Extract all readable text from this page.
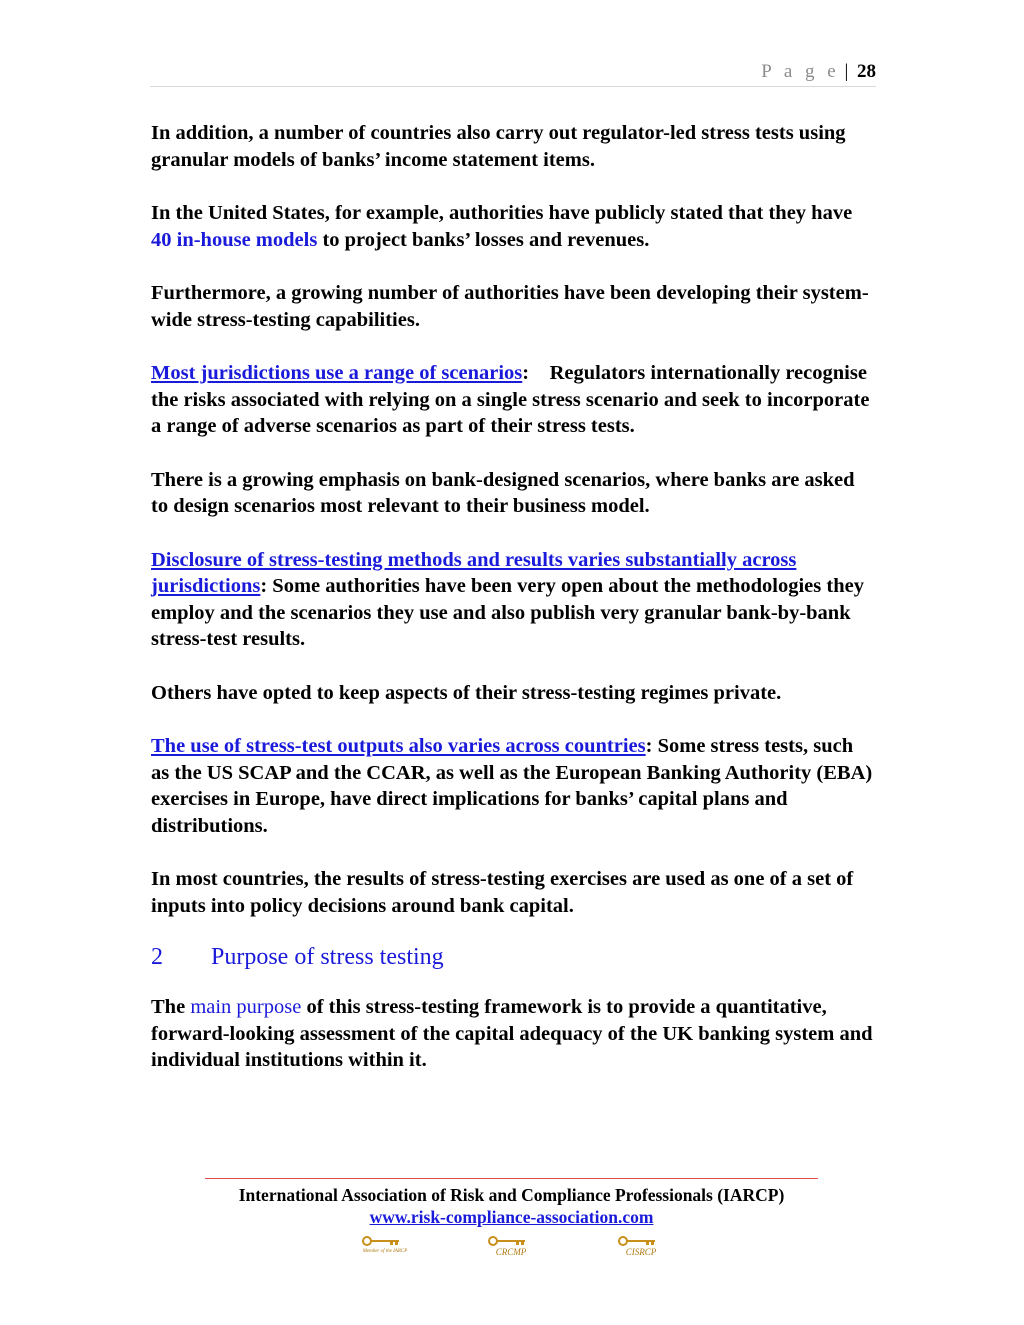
P a g e | 28

In addition, a number of countries also carry out regulator-led stress tests using granular models of banks’ income statement items.

In the United States, for example, authorities have publicly stated that they have 40 in-house models to project banks’ losses and revenues.

Furthermore, a growing number of authorities have been developing their system-wide stress-testing capabilities.

Most jurisdictions use a range of scenarios:    Regulators internationally recognise the risks associated with relying on a single stress scenario and seek to incorporate a range of adverse scenarios as part of their stress tests.

There is a growing emphasis on bank-designed scenarios, where banks are asked to design scenarios most relevant to their business model.

Disclosure of stress-testing methods and results varies substantially across jurisdictions: Some authorities have been very open about the methodologies they employ and the scenarios they use and also publish very granular bank-by-bank stress-test results.

Others have opted to keep aspects of their stress-testing regimes private.

The use of stress-test outputs also varies across countries: Some stress tests, such as the US SCAP and the CCAR, as well as the European Banking Authority (EBA) exercises in Europe, have direct implications for banks’ capital plans and distributions.

In most countries, the results of stress-testing exercises are used as one of a set of inputs into policy decisions around bank capital.

2	Purpose of stress testing

The main purpose of this stress-testing framework is to provide a quantitative, forward-looking assessment of the capital adequacy of the UK banking system and individual institutions within it.

International Association of Risk and Compliance Professionals (IARCP)
www.risk-compliance-association.com
Member of the IARCP	CRCMP	CISRCP
